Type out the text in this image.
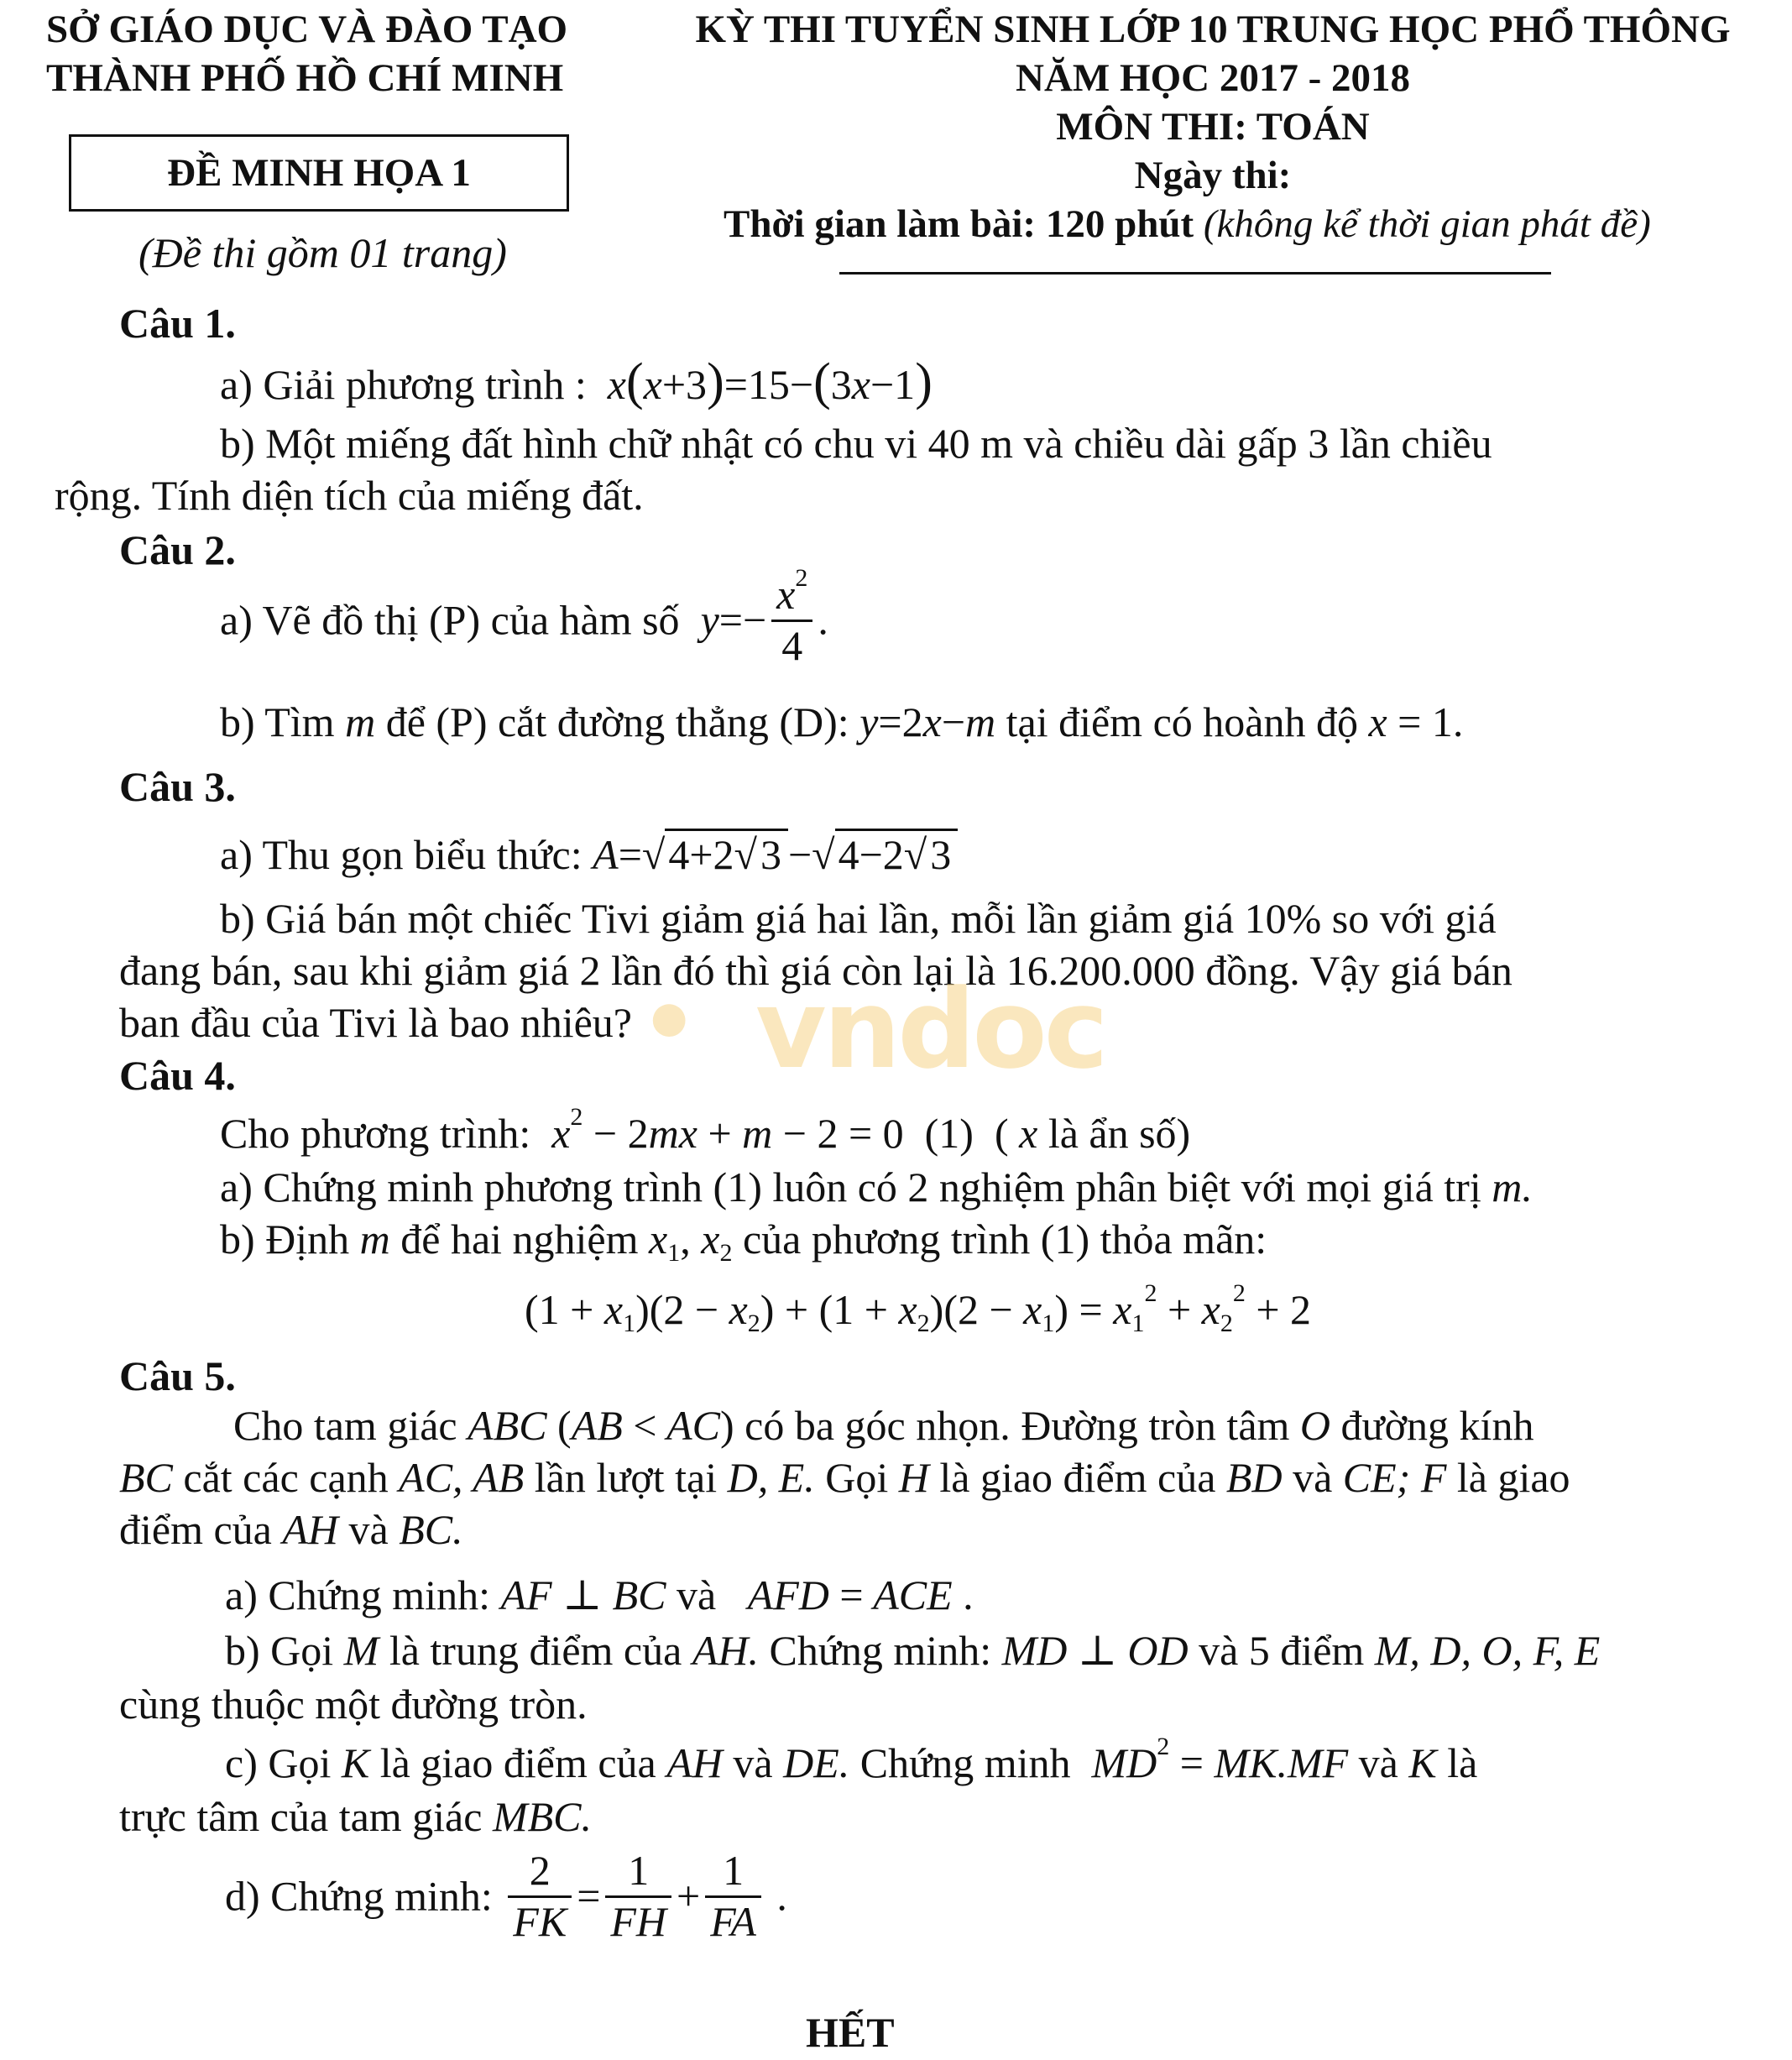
SỞ GIÁO DỤC VÀ ĐÀO TẠO
THÀNH PHỐ HỒ CHÍ MINH
ĐỀ MINH HỌA 1
(Đề thi gồm 01 trang)
KỲ THI TUYỂN SINH LỚP 10 TRUNG HỌC PHỔ THÔNG
NĂM HỌC 2017 - 2018
MÔN THI: TOÁN
Ngày thi:
Thời gian làm bài: 120 phút (không kể thời gian phát đề)
Câu 1.
a) Giải phương trình :  x(x+3)=15−(3x−1)
b) Một miếng đất hình chữ nhật có chu vi 40 m và chiều dài gấp 3 lần chiều
rộng. Tính diện tích của miếng đất.
Câu 2.
a) Vẽ đồ thị (P) của hàm số  $y=- \frac{x^2}{4}$ .
b) Tìm m để (P) cắt đường thẳng (D): y=2x−m tại điểm có hoành độ x = 1.
Câu 3.
a) Thu gọn biểu thức: A=√4+2√3 −√4−2√3
b) Giá bán một chiếc Tivi giảm giá hai lần, mỗi lần giảm giá 10% so với giá
đang bán, sau khi giảm giá 2 lần đó thì giá còn lại là 16.200.000 đồng. Vậy giá bán
ban đầu của Tivi là bao nhiêu? ● vndoc
Câu 4.
Cho phương trình:  $x^2 - 2mx + m - 2 = 0$  (1)  ( x là ẩn số)
a) Chứng minh phương trình (1) luôn có 2 nghiệm phân biệt với mọi giá trị m.
b) Định m để hai nghiệm $x_1$, $x_2$ của phương trình (1) thỏa mãn:
$(1 + x_1)(2 - x_2) + (1 + x_2)(2 - x_1) = x_1^2 + x_2^2 + 2$
Câu 5.
Cho tam giác ABC (AB < AC) có ba góc nhọn. Đường tròn tâm O đường kính
BC cắt các cạnh AC, AB lần lượt tại D, E. Gọi H là giao điểm của BD và CE; F là giao
điểm của AH và BC.
a) Chứng minh: AF ⊥ BC và   AFD = ACE .
b) Gọi M là trung điểm của AH. Chứng minh: MD ⊥ OD và 5 điểm M, D, O, F, E
cùng thuộc một đường tròn.
c) Gọi K là giao điểm của AH và DE. Chứng minh  $MD^2 = MK.MF$ và K là
trực tâm của tam giác MBC.
d) Chứng minh: $\frac{2}{FK} = \frac{1}{FH} + \frac{1}{FA}$ .
HẾT
